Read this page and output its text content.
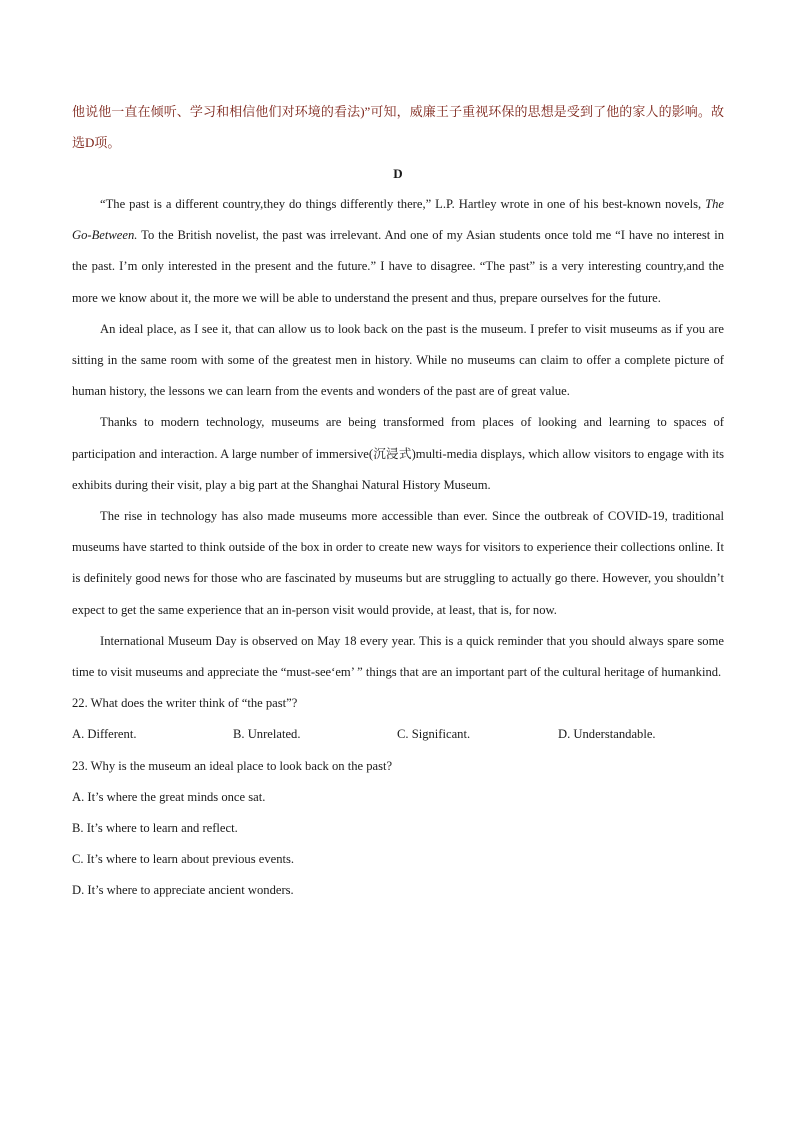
他说他一直在倾听、学习和相信他们对环境的看法)”可知，威廉王子重视环保的思想是受到了他的家人的影响。故选D项。

D

“The past is a different country,they do things differently there,” L.P. Hartley wrote in one of his best-known novels, The Go-Between. To the British novelist, the past was irrelevant. And one of my Asian students once told me “I have no interest in the past. I’m only interested in the present and the future.” I have to disagree. “The past” is a very interesting country,and the more we know about it, the more we will be able to understand the present and thus, prepare ourselves for the future.

An ideal place, as I see it, that can allow us to look back on the past is the museum. I prefer to visit museums as if you are sitting in the same room with some of the greatest men in history. While no museums can claim to offer a complete picture of human history, the lessons we can learn from the events and wonders of the past are of great value.

Thanks to modern technology, museums are being transformed from places of looking and learning to spaces of participation and interaction. A large number of immersive(沉浸式)multi-media displays, which allow visitors to engage with its exhibits during their visit, play a big part at the Shanghai Natural History Museum.

The rise in technology has also made museums more accessible than ever. Since the outbreak of COVID-19, traditional museums have started to think outside of the box in order to create new ways for visitors to experience their collections online. It is definitely good news for those who are fascinated by museums but are struggling to actually go there. However, you shouldn’t expect to get the same experience that an in-person visit would provide, at least, that is, for now.

International Museum Day is observed on May 18 every year. This is a quick reminder that you should always spare some time to visit museums and appreciate the “must-see‘em’ ” things that are an important part of the cultural heritage of humankind.

22. What does the writer think of “the past”?

A. Different.	B. Unrelated.	C. Significant.	D. Understandable.

23. Why is the museum an ideal place to look back on the past?

A. It’s where the great minds once sat.

B. It’s where to learn and reflect.

C. It’s where to learn about previous events.

D. It’s where to appreciate ancient wonders.
